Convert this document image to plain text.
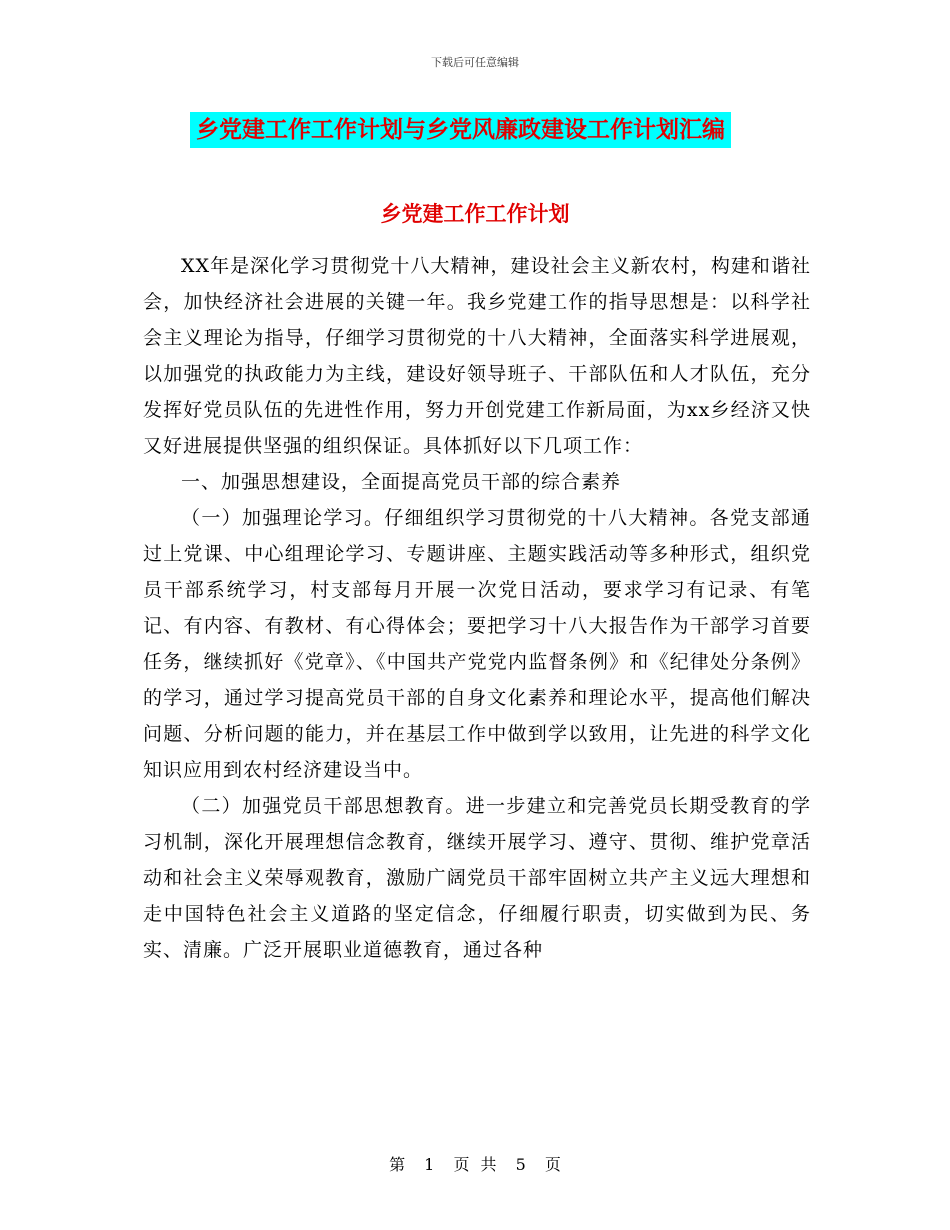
下载后可任意编辑
乡党建工作工作计划与乡党风廉政建设工作计划汇编
乡党建工作工作计划

XX年是深化学习贯彻党十八大精神，建设社会主义新农村，构建和谐社会，加快经济社会进展的关键一年。我乡党建工作的指导思想是：以科学社会主义理论为指导，仔细学习贯彻党的十八大精神，全面落实科学进展观，以加强党的执政能力为主线，建设好领导班子、干部队伍和人才队伍，充分发挥好党员队伍的先进性作用，努力开创党建工作新局面，为xx乡经济又快又好进展提供坚强的组织保证。具体抓好以下几项工作：

一、加强思想建设，全面提高党员干部的综合素养

（一）加强理论学习。仔细组织学习贯彻党的十八大精神。各党支部通过上党课、中心组理论学习、专题讲座、主题实践活动等多种形式，组织党员干部系统学习，村支部每月开展一次党日活动，要求学习有记录、有笔记、有内容、有教材、有心得体会；要把学习十八大报告作为干部学习首要任务，继续抓好《党章》、《中国共产党党内监督条例》和《纪律处分条例》的学习，通过学习提高党员干部的自身文化素养和理论水平，提高他们解决问题、分析问题的能力，并在基层工作中做到学以致用，让先进的科学文化知识应用到农村经济建设当中。

（二）加强党员干部思想教育。进一步建立和完善党员长期受教育的学习机制，深化开展理想信念教育，继续开展学习、遵守、贯彻、维护党章活动和社会主义荣辱观教育，激励广阔党员干部牢固树立共产主义远大理想和走中国特色社会主义道路的坚定信念，仔细履行职责，切实做到为民、务实、清廉。广泛开展职业道德教育，通过各种

第 1 页 共 5 页
